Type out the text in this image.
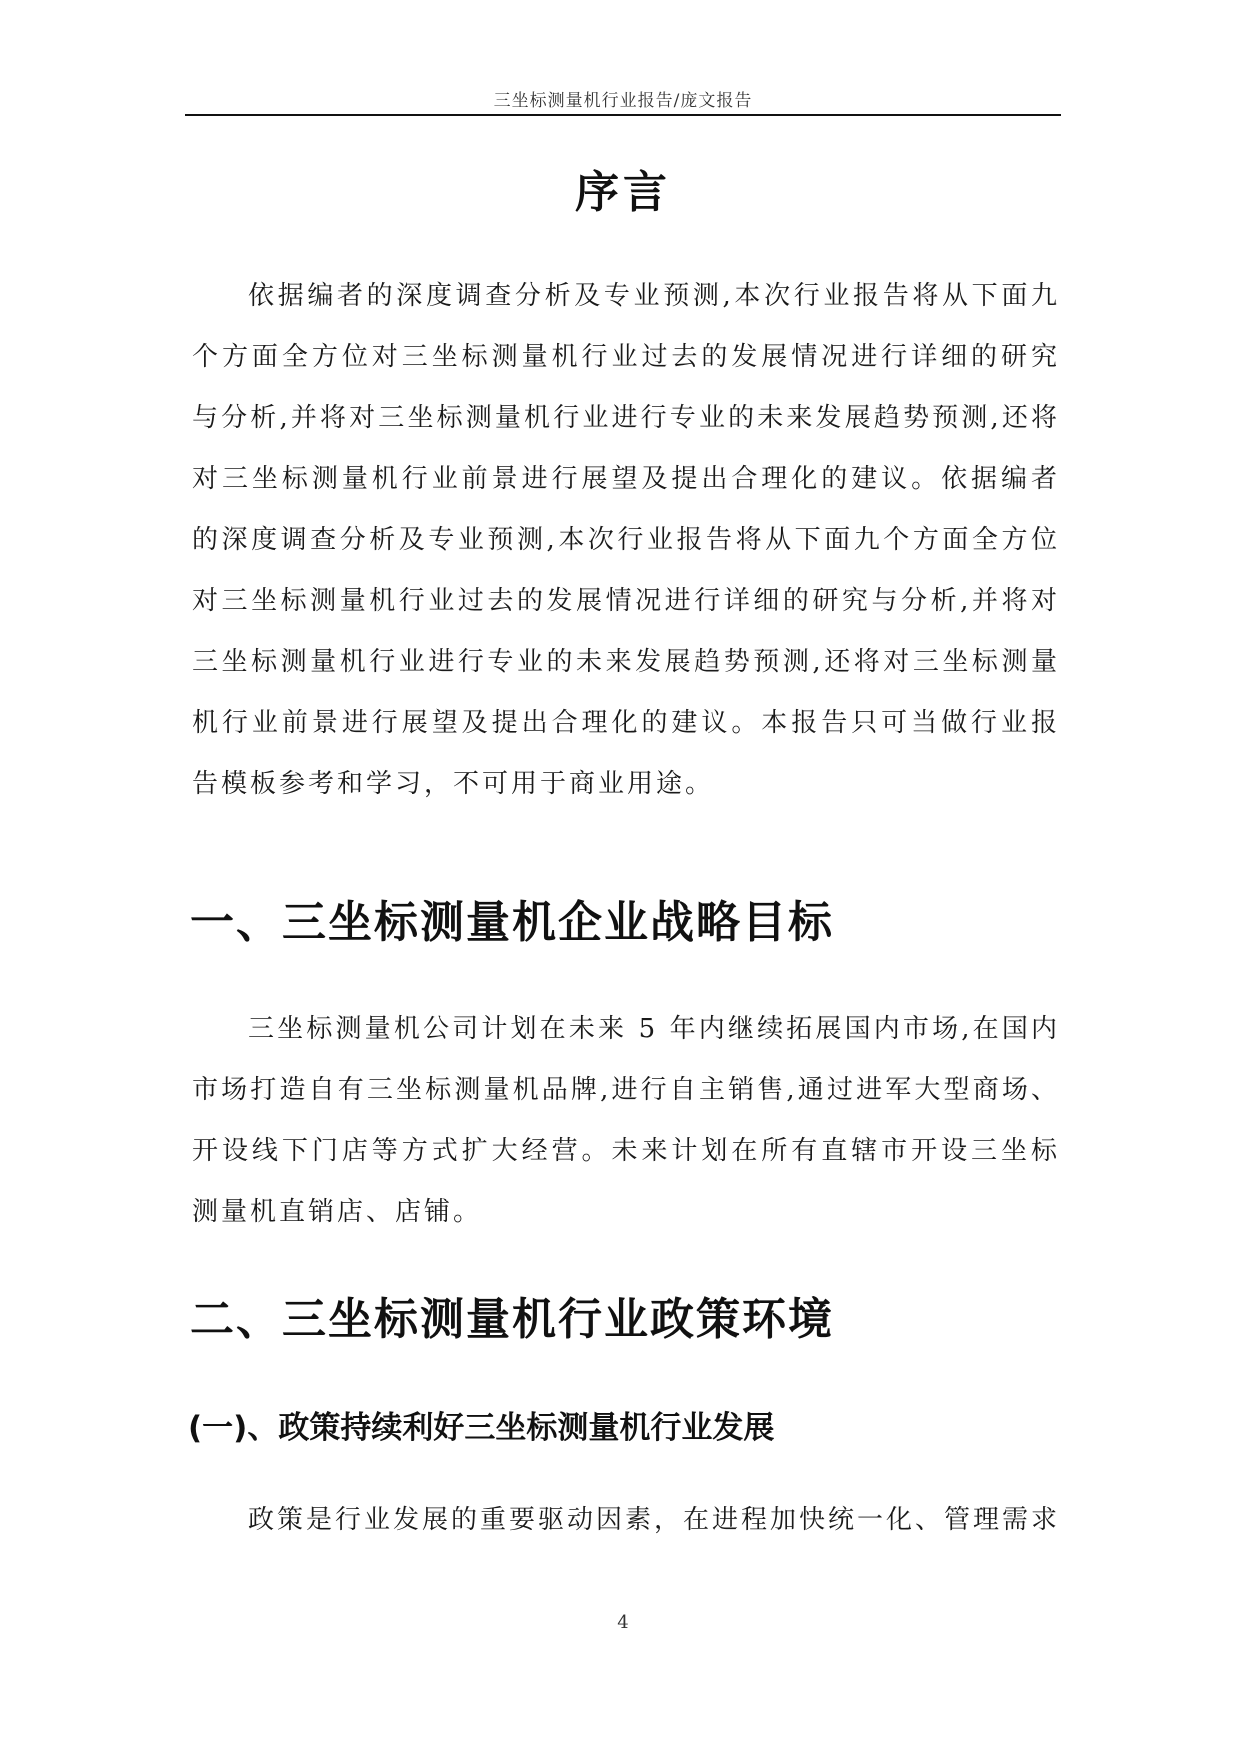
三坐标测量机行业报告/庞文报告
序言

依据编者的深度调查分析及专业预测,本次行业报告将从下面九个方面全方位对三坐标测量机行业过去的发展情况进行详细的研究与分析,并将对三坐标测量机行业进行专业的未来发展趋势预测,还将对三坐标测量机行业前景进行展望及提出合理化的建议。依据编者的深度调查分析及专业预测,本次行业报告将从下面九个方面全方位对三坐标测量机行业过去的发展情况进行详细的研究与分析,并将对三坐标测量机行业进行专业的未来发展趋势预测,还将对三坐标测量机行业前景进行展望及提出合理化的建议。本报告只可当做行业报告模板参考和学习，不可用于商业用途。

一、三坐标测量机企业战略目标

三坐标测量机公司计划在未来 5 年内继续拓展国内市场,在国内市场打造自有三坐标测量机品牌,进行自主销售,通过进军大型商场、开设线下门店等方式扩大经营。未来计划在所有直辖市开设三坐标测量机直销店、店铺。

二、三坐标测量机行业政策环境
(一)、政策持续利好三坐标测量机行业发展

政策是行业发展的重要驱动因素，在进程加快统一化、管理需求

4
